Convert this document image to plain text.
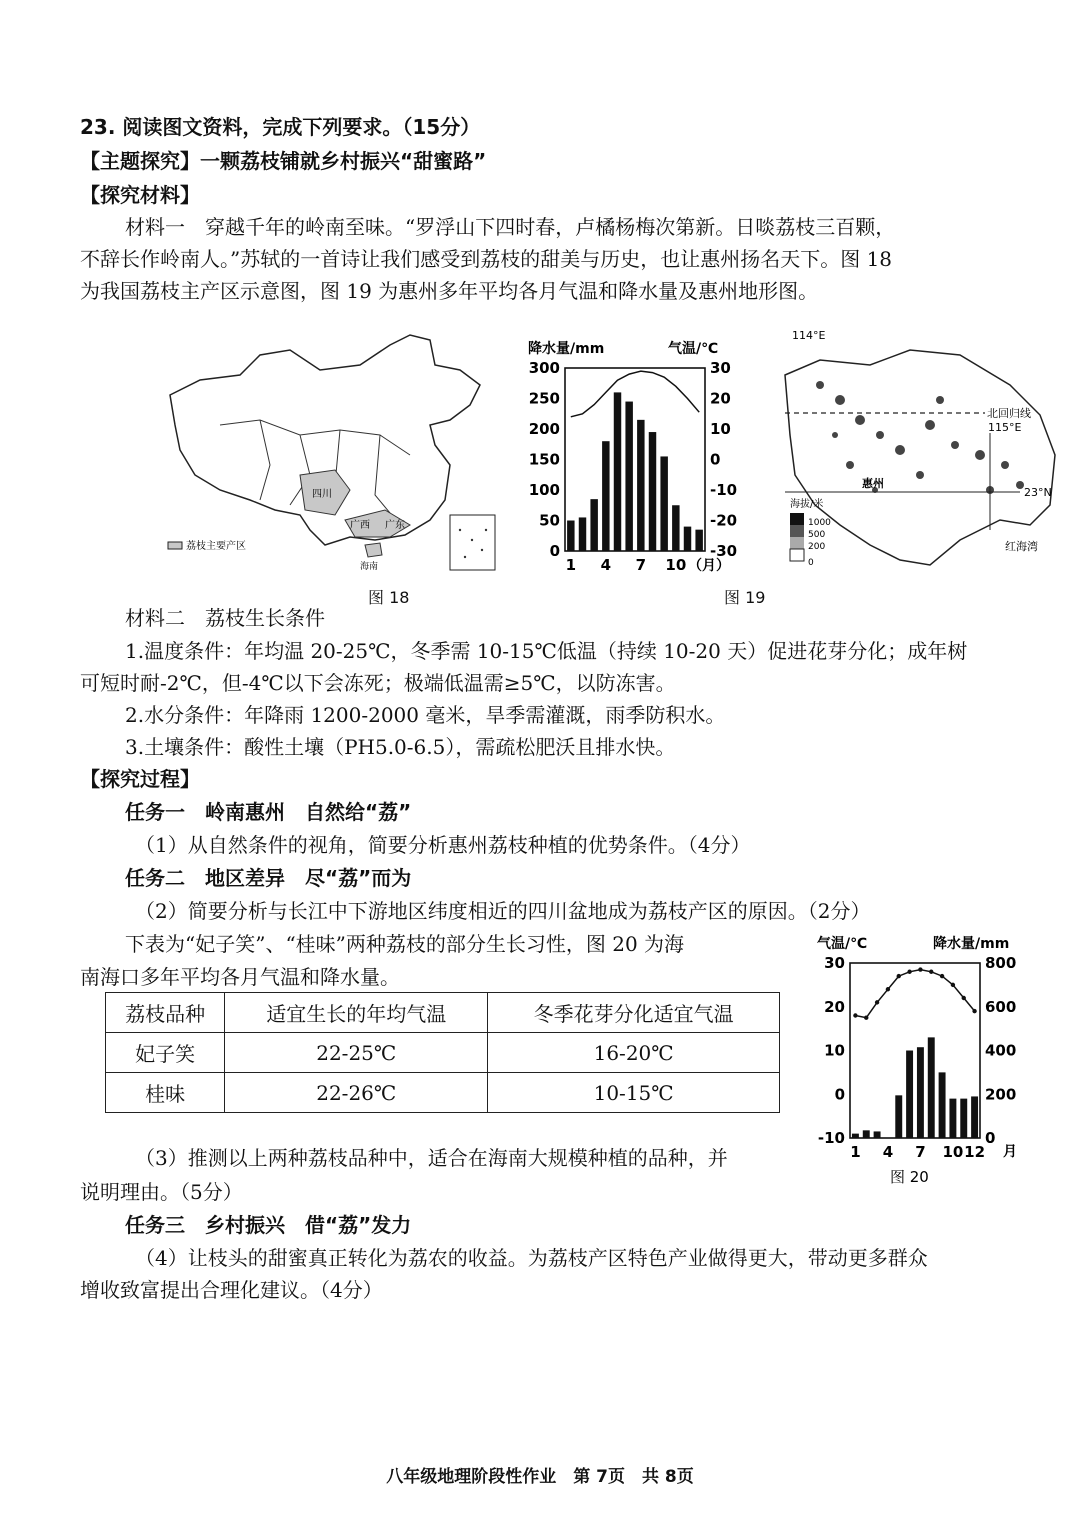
23. 阅读图文资料，完成下列要求。（15分）
【主题探究】一颗荔枝铺就乡村振兴“甜蜜路”
【探究材料】
材料一　穿越千年的岭南至味。“罗浮山下四时春，卢橘杨梅次第新。日啖荔枝三百颗，
不辞长作岭南人。”苏轼的一首诗让我们感受到荔枝的甜美与历史，也让惠州扬名天下。图 18
为我国荔枝主产区示意图，图 19 为惠州多年平均各月气温和降水量及惠州地形图。
荔枝主要产区
四川
广西 广东
海南
图 18
降水量/mm	气温/℃
300
250
200
150
100
50
0
30
20
10
0
-10
-20
-30
1 4 7 10 （月）
114°E
北回归线
115°E
23°N
惠州
红海湾
海拔/米
1000
500
200
0
图 19
材料二　荔枝生长条件
1.温度条件：年均温 20-25℃，冬季需 10-15℃低温（持续 10-20 天）促进花芽分化；成年树
可短时耐-2℃，但-4℃以下会冻死；极端低温需≥5℃，以防冻害。
2.水分条件：年降雨 1200-2000 毫米，旱季需灌溉，雨季防积水。
3.土壤条件：酸性土壤（PH5.0-6.5），需疏松肥沃且排水快。
【探究过程】
任务一　岭南惠州　自然给“荔”
（1）从自然条件的视角，简要分析惠州荔枝种植的优势条件。（4分）
任务二　地区差异　尽“荔”而为
（2）简要分析与长江中下游地区纬度相近的四川盆地成为荔枝产区的原因。（2分）
下表为“妃子笑”、“桂味”两种荔枝的部分生长习性，图 20 为海
南海口多年平均各月气温和降水量。
荔枝品种	适宜生长的年均气温	冬季花芽分化适宜气温
妃子笑	22-25℃	16-20℃
桂味	22-26℃	10-15℃
气温/℃	降水量/mm
30
20
10
0
-10
800
600
400
200
0
1 4 7 10 12 月
图 20
（3）推测以上两种荔枝品种中，适合在海南大规模种植的品种，并
说明理由。（5分）
任务三　乡村振兴　借“荔”发力
（4）让枝头的甜蜜真正转化为荔农的收益。为荔枝产区特色产业做得更大，带动更多群众
增收致富提出合理化建议。（4分）
八年级地理阶段性作业　第 7页　共 8页
